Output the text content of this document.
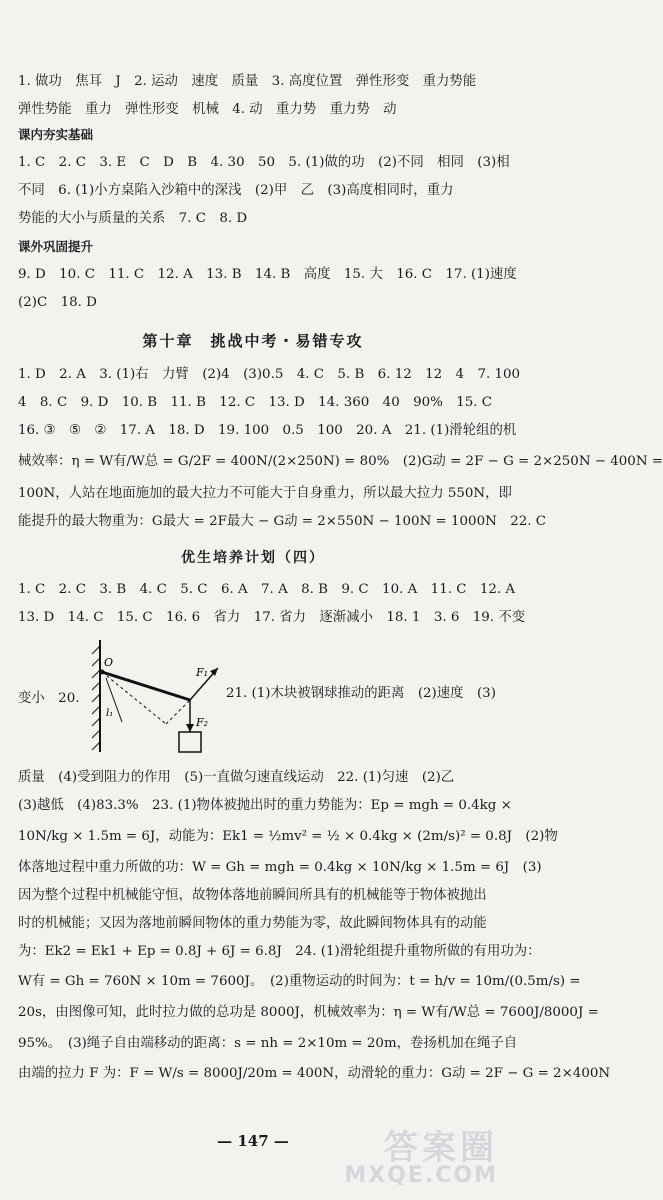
1. 做功　焦耳　J　2. 运动　速度　质量　3. 高度位置　弹性形变　重力势能
弹性势能　重力　弹性形变　机械　4. 动　重力势　重力势　动
课内夯实基础
1. C　2. C　3. E　C　D　B　4. 30　50　5. (1)做的功　(2)不同　相同　(3)相
不同　6. (1)小方桌陷入沙箱中的深浅　(2)甲　乙　(3)高度相同时，重力
势能的大小与质量的关系　7. C　8. D
课外巩固提升
9. D　10. C　11. C　12. A　13. B　14. B　高度　15. 大　16. C　17. (1)速度
(2)C　18. D
第十章　挑战中考・易错专攻
1. D　2. A　3. (1)右　力臂　(2)4　(3)0.5　4. C　5. B　6. 12　12　4　7. 100
4　8. C　9. D　10. B　11. B　12. C　13. D　14. 360　40　90%　15. C
16. ③　⑤　②　17. A　18. D　19. 100　0.5　100　20. A　21. (1)滑轮组的机
械效率：η = W有/W总 = G/2F = 400N/(2×250N) = 80%　(2)G动 = 2F − G = 2×250N − 400N =
100N，人站在地面施加的最大拉力不可能大于自身重力，所以最大拉力 550N，即
能提升的最大物重为：G最大 = 2F最大 − G动 = 2×550N − 100N = 1000N　22. C
优生培养计划（四）
1. C　2. C　3. B　4. C　5. C　6. A　7. A　8. B　9. C　10. A　11. C　12. A
13. D　14. C　15. C　16. 6　省力　17. 省力　逐渐减小　18. 1　3. 6　19. 不变
变小　20.
O
F₁
F₂
l₁
21. (1)木块被钢球推动的距离　(2)速度　(3)
质量　(4)受到阻力的作用　(5)一直做匀速直线运动　22. (1)匀速　(2)乙
(3)越低　(4)83.3%　23. (1)物体被抛出时的重力势能为：Ep = mgh = 0.4kg ×
10N/kg × 1.5m = 6J，动能为：Ek1 = ½mv² = ½ × 0.4kg × (2m/s)² = 0.8J　(2)物
体落地过程中重力所做的功：W = Gh = mgh = 0.4kg × 10N/kg × 1.5m = 6J　(3)
因为整个过程中机械能守恒，故物体落地前瞬间所具有的机械能等于物体被抛出
时的机械能；又因为落地前瞬间物体的重力势能为零，故此瞬间物体具有的动能
为：Ek2 = Ek1 + Ep = 0.8J + 6J = 6.8J　24. (1)滑轮组提升重物所做的有用功为：
W有 = Gh = 760N × 10m = 7600J。　(2)重物运动的时间为：t = h/v = 10m/(0.5m/s) =
20s，由图像可知，此时拉力做的总功是 8000J，机械效率为：η = W有/W总 = 7600J/8000J =
95%。　(3)绳子自由端移动的距离：s = nh = 2×10m = 20m，卷扬机加在绳子自
由端的拉力 F 为：F = W/s = 8000J/20m = 400N，动滑轮的重力：G动 = 2F − G = 2×400N
— 147 —	答案圈
MXQE.COM
